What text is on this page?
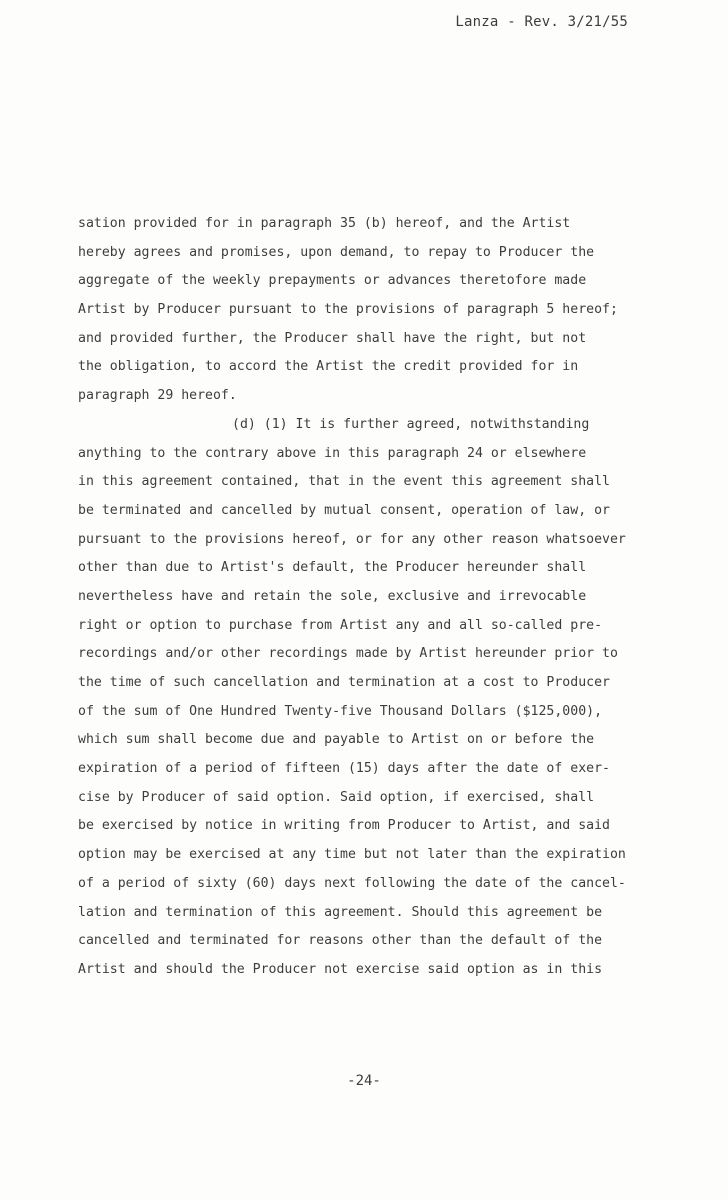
Lanza - Rev. 3/21/55
sation provided for in paragraph 35 (b) hereof, and the Artist
hereby agrees and promises, upon demand, to repay to Producer the
aggregate of the weekly prepayments or advances theretofore made
Artist by Producer pursuant to the provisions of paragraph 5 hereof;
and provided further, the Producer shall have the right, but not
the obligation, to accord the Artist the credit provided for in
paragraph 29 hereof.
(d) (1) It is further agreed, notwithstanding
anything to the contrary above in this paragraph 24 or elsewhere
in this agreement contained, that in the event this agreement shall
be terminated and cancelled by mutual consent, operation of law, or
pursuant to the provisions hereof, or for any other reason whatsoever
other than due to Artist's default, the Producer hereunder shall
nevertheless have and retain the sole, exclusive and irrevocable
right or option to purchase from Artist any and all so-called pre-
recordings and/or other recordings made by Artist hereunder prior to
the time of such cancellation and termination at a cost to Producer
of the sum of One Hundred Twenty-five Thousand Dollars ($125,000),
which sum shall become due and payable to Artist on or before the
expiration of a period of fifteen (15) days after the date of exer-
cise by Producer of said option. Said option, if exercised, shall
be exercised by notice in writing from Producer to Artist, and said
option may be exercised at any time but not later than the expiration
of a period of sixty (60) days next following the date of the cancel-
lation and termination of this agreement. Should this agreement be
cancelled and terminated for reasons other than the default of the
Artist and should the Producer not exercise said option as in this
-24-
